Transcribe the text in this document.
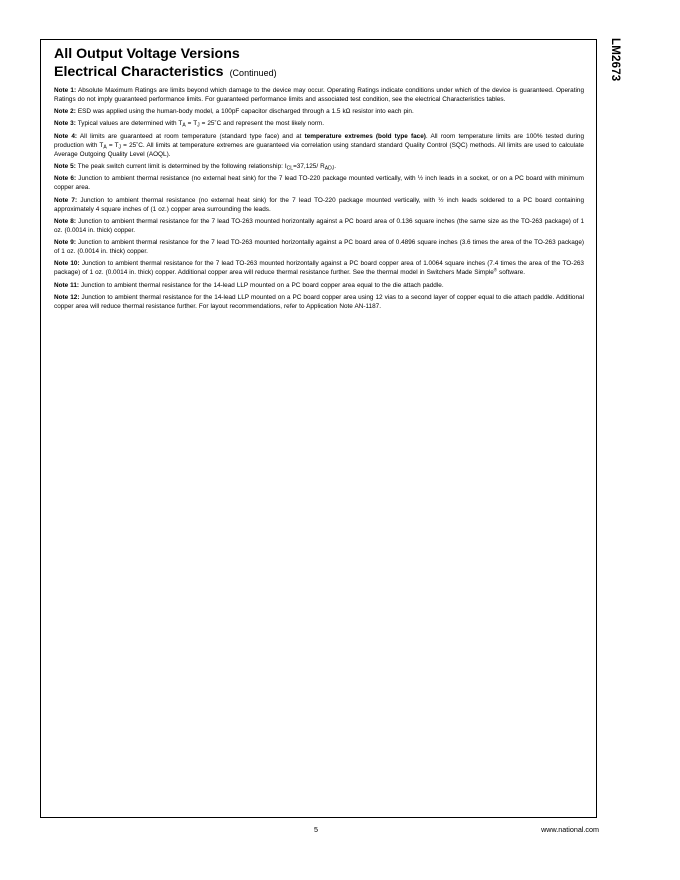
LM2673
All Output Voltage Versions
Electrical Characteristics (Continued)

Note 1: Absolute Maximum Ratings are limits beyond which damage to the device may occur. Operating Ratings indicate conditions under which of the device is guaranteed. Operating Ratings do not imply guaranteed performance limits. For guaranteed performance limits and associated test condition, see the electrical Characteristics tables.

Note 2: ESD was applied using the human-body model, a 100pF capacitor discharged through a 1.5 kΩ resistor into each pin.

Note 3: Typical values are determined with $T_A = T_J$ = 25˚C and represent the most likely norm.

Note 4: All limits are guaranteed at room temperature (standard type face) and at temperature extremes (bold type face). All room temperature limits are 100% tested during production with $T_A = T_J$ = 25˚C. All limits at temperature extremes are guaranteed via correlation using standard standard Quality Control (SQC) methods. All limits are used to calculate Average Outgoing Quality Level (AOQL).

Note 5: The peak switch current limit is determined by the following relationship: $I_{CL}=37,125/$ $R_{ADJ}$.

Note 6: Junction to ambient thermal resistance (no external heat sink) for the 7 lead TO-220 package mounted vertically, with ½ inch leads in a socket, or on a PC board with minimum copper area.

Note 7: Junction to ambient thermal resistance (no external heat sink) for the 7 lead TO-220 package mounted vertically, with ½ inch leads soldered to a PC board containing approximately 4 square inches of (1 oz.) copper area surrounding the leads.

Note 8: Junction to ambient thermal resistance for the 7 lead TO-263 mounted horizontally against a PC board area of 0.136 square inches (the same size as the TO-263 package) of 1 oz. (0.0014 in. thick) copper.

Note 9: Junction to ambient thermal resistance for the 7 lead TO-263 mounted horizontally against a PC board area of 0.4896 square inches (3.6 times the area of the TO-263 package) of 1 oz. (0.0014 in. thick) copper.

Note 10: Junction to ambient thermal resistance for the 7 lead TO-263 mounted horizontally against a PC board copper area of 1.0064 square inches (7.4 times the area of the TO-263 package) of 1 oz. (0.0014 in. thick) copper. Additional copper area will reduce thermal resistance further. See the thermal model in Switchers Made Simple® software.

Note 11: Junction to ambient thermal resistance for the 14-lead LLP mounted on a PC board copper area equal to the die attach paddle.

Note 12: Junction to ambient thermal resistance for the 14-lead LLP mounted on a PC board copper area using 12 vias to a second layer of copper equal to die attach paddle. Additional copper area will reduce thermal resistance further. For layout recommendations, refer to Application Note AN-1187.

5	www.national.com
